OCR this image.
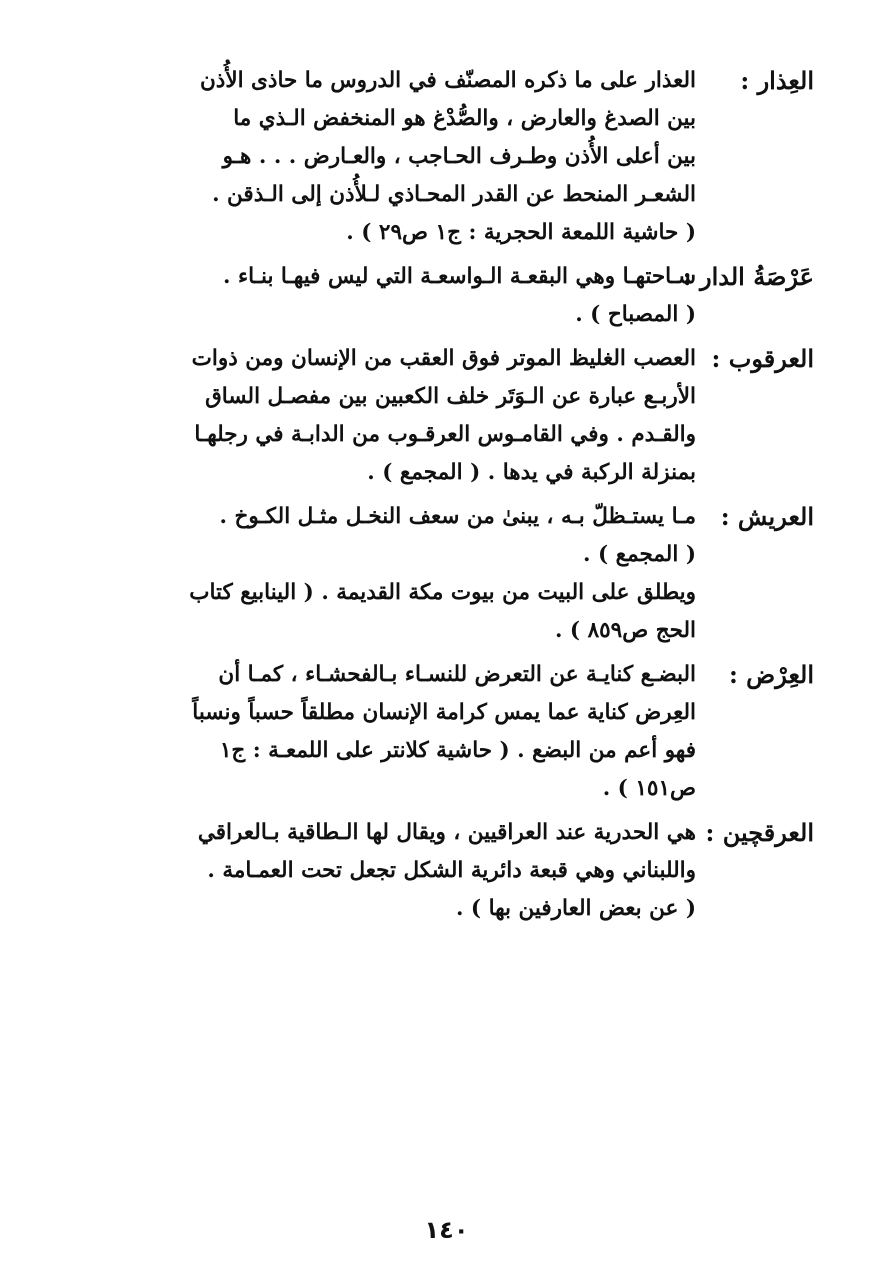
العِذار :

العذار على ما ذكره المصنّف في الدروس ما حاذى الأُذن

بين الصدغ والعارض ، والصُّدْغ هو المنخفض الـذي ما

بين أعلى الأُذن وطـرف الحـاجب ، والعـارض . . . هـو

الشعـر المنحط عن القدر المحـاذي لـلأُذن إلى الـذقن .

( حاشية اللمعة الحجرية : ج١ ص٢٩ ) .

عَرْصَةُ الدار :

سـاحتهـا وهي البقعـة الـواسعـة التي ليس فيهـا بنـاء .

( المصباح ) .

العرقوب :

العصب الغليظ الموتر فوق العقب من الإنسان ومن ذوات

الأربـع عبارة عن الـوَتَر خلف الكعبين بين مفصـل الساق

والقـدم . وفي القامـوس العرقـوب من الدابـة في رجلهـا

بمنزلة الركبة في يدها . ( المجمع ) .

العريش :

مـا يستـظلّ بـه ، يبنىٰ من سعف النخـل مثـل الكـوخ .

( المجمع ) .

ويطلق على البيت من بيوت مكة القديمة . ( الينابيع كتاب

الحج ص٨٥٩ ) .

العِرْض :

البضـع كنايـة عن التعرض للنسـاء بـالفحشـاء ، كمـا أن

العِرض كناية عما يمس كرامة الإنسان مطلقاً حسباً ونسباً

فهو أعم من البضع . ( حاشية كلانتر على اللمعـة : ج١

ص١٥١ ) .

العرقچين :

هي الحدرية عند العراقيين ، ويقال لها الـطاقية بـالعراقي

واللبناني وهي قبعة دائرية الشكل تجعل تحت العمـامة .

( عن بعض العارفين بها ) .

١٤٠
